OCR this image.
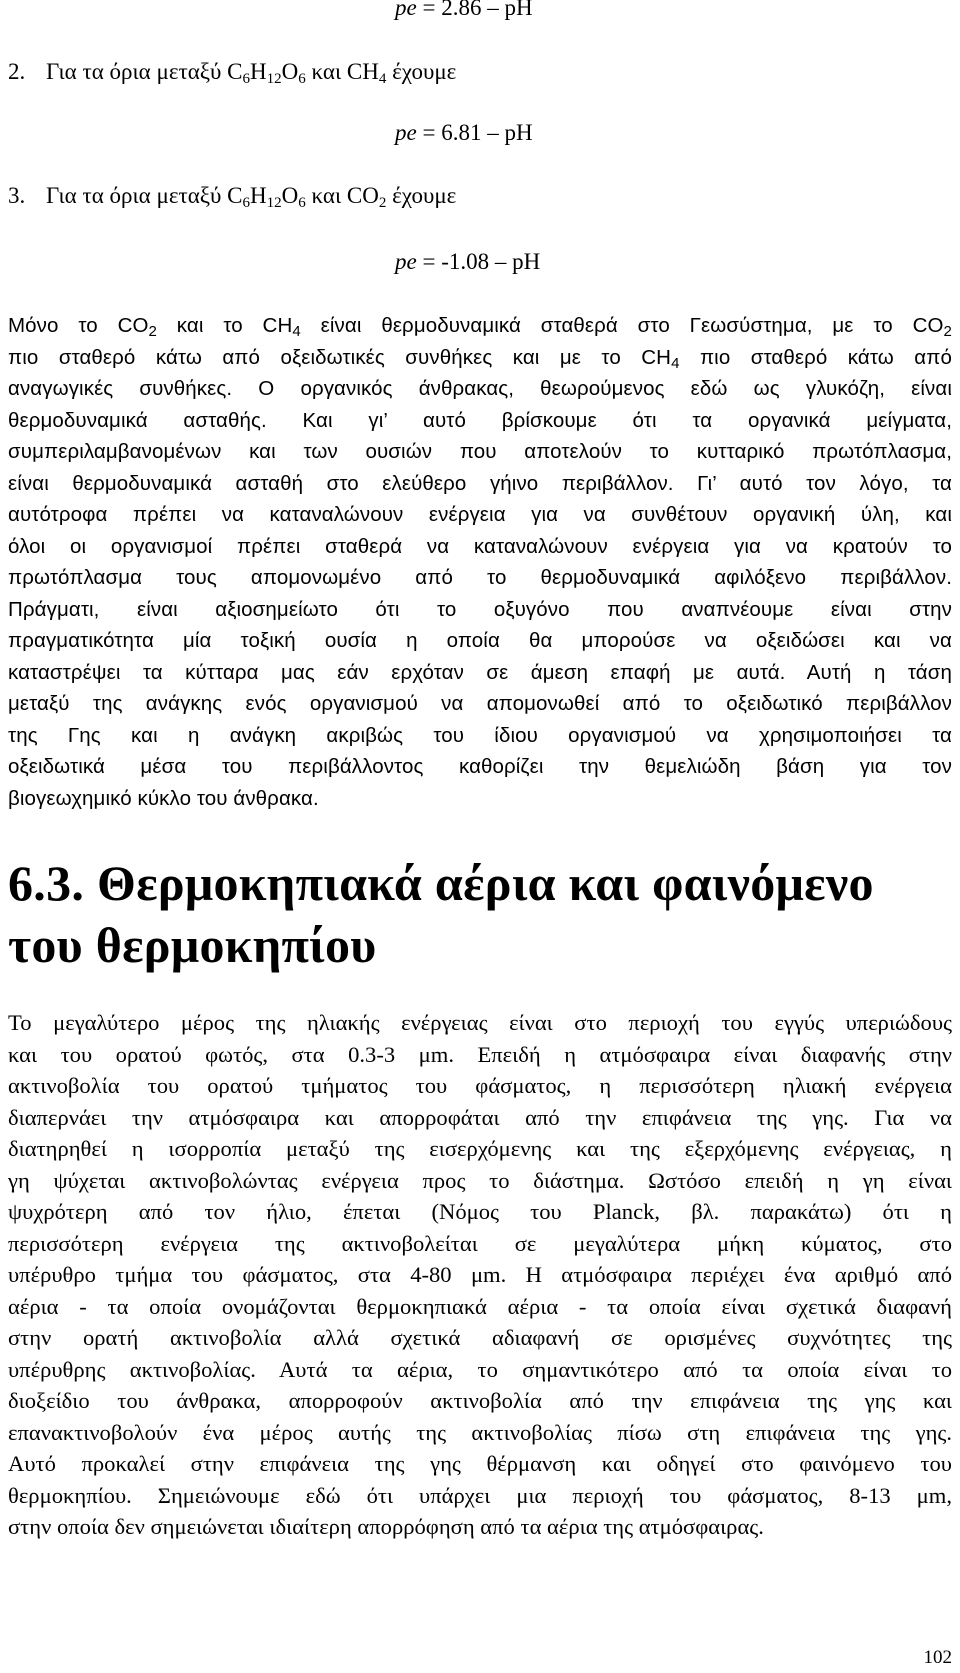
pe = 2.86 – pH
2. Για τα όρια μεταξύ $C_6H_{12}O_6$ και $CH_4$ έχουμε
pe = 6.81 – pH
3. Για τα όρια μεταξύ $C_6H_{12}O_6$ και $CO_2$ έχουμε
pe = -1.08 – pH
Μόνο το $CO_2$ και το $CH_4$ είναι θερμοδυναμικά σταθερά στο Γεωσύστημα, με το $CO_2$
πιο σταθερό κάτω από οξειδωτικές συνθήκες και με το $CH_4$ πιο σταθερό κάτω από
αναγωγικές συνθήκες. Ο οργανικός άνθρακας, θεωρούμενος εδώ ως γλυκόζη, είναι
θερμοδυναμικά ασταθής. Και γι’ αυτό βρίσκουμε ότι τα οργανικά μείγματα,
συμπεριλαμβανομένων και των ουσιών που αποτελούν το κυτταρικό πρωτόπλασμα,
είναι θερμοδυναμικά ασταθή στο ελεύθερο γήινο περιβάλλον. Γι’ αυτό τον λόγο, τα
αυτότροφα πρέπει να καταναλώνουν ενέργεια για να συνθέτουν οργανική ύλη, και
όλοι οι οργανισμοί πρέπει σταθερά να καταναλώνουν ενέργεια για να κρατούν το
πρωτόπλασμα τους απομονωμένο από το θερμοδυναμικά αφιλόξενο περιβάλλον.
Πράγματι, είναι αξιοσημείωτο ότι το οξυγόνο που αναπνέουμε είναι στην
πραγματικότητα μία τοξική ουσία η οποία θα μπορούσε να οξειδώσει και να
καταστρέψει τα κύτταρα μας εάν ερχόταν σε άμεση επαφή με αυτά. Αυτή η τάση
μεταξύ της ανάγκης ενός οργανισμού να απομονωθεί από το οξειδωτικό περιβάλλον
της Γης και η ανάγκη ακριβώς του ίδιου οργανισμού να χρησιμοποιήσει τα
οξειδωτικά μέσα του περιβάλλοντος καθορίζει την θεμελιώδη βάση για τον
βιογεωχημικό κύκλο του άνθρακα.
6.3. Θερμοκηπιακά αέρια και φαινόμενο
του θερμοκηπίου
Το μεγαλύτερο μέρος της ηλιακής ενέργειας είναι στο περιοχή του εγγύς υπεριώδους
και του ορατού φωτός, στα 0.3-3 μm. Επειδή η ατμόσφαιρα είναι διαφανής στην
ακτινοβολία του ορατού τμήματος του φάσματος, η περισσότερη ηλιακή ενέργεια
διαπερνάει την ατμόσφαιρα και απορροφάται από την επιφάνεια της γης. Για να
διατηρηθεί η ισορροπία μεταξύ της εισερχόμενης και της εξερχόμενης ενέργειας, η
γη ψύχεται ακτινοβολώντας ενέργεια προς το διάστημα. Ωστόσο επειδή η γη είναι
ψυχρότερη από τον ήλιο, έπεται (Νόμος του Planck, βλ. παρακάτω) ότι η
περισσότερη ενέργεια της ακτινοβολείται σε μεγαλύτερα μήκη κύματος, στο
υπέρυθρο τμήμα του φάσματος, στα 4-80 μm. Η ατμόσφαιρα περιέχει ένα αριθμό από
αέρια - τα οποία ονομάζονται θερμοκηπιακά αέρια - τα οποία είναι σχετικά διαφανή
στην ορατή ακτινοβολία αλλά σχετικά αδιαφανή σε ορισμένες συχνότητες της
υπέρυθρης ακτινοβολίας. Αυτά τα αέρια, το σημαντικότερο από τα οποία είναι το
διοξείδιο του άνθρακα, απορροφούν ακτινοβολία από την επιφάνεια της γης και
επανακτινοβολούν ένα μέρος αυτής της ακτινοβολίας πίσω στη επιφάνεια της γης.
Αυτό προκαλεί στην επιφάνεια της γης θέρμανση και οδηγεί στο φαινόμενο του
θερμοκηπίου. Σημειώνουμε εδώ ότι υπάρχει μια περιοχή του φάσματος, 8-13 μm,
στην οποία δεν σημειώνεται ιδιαίτερη απορρόφηση από τα αέρια της ατμόσφαιρας.
102
